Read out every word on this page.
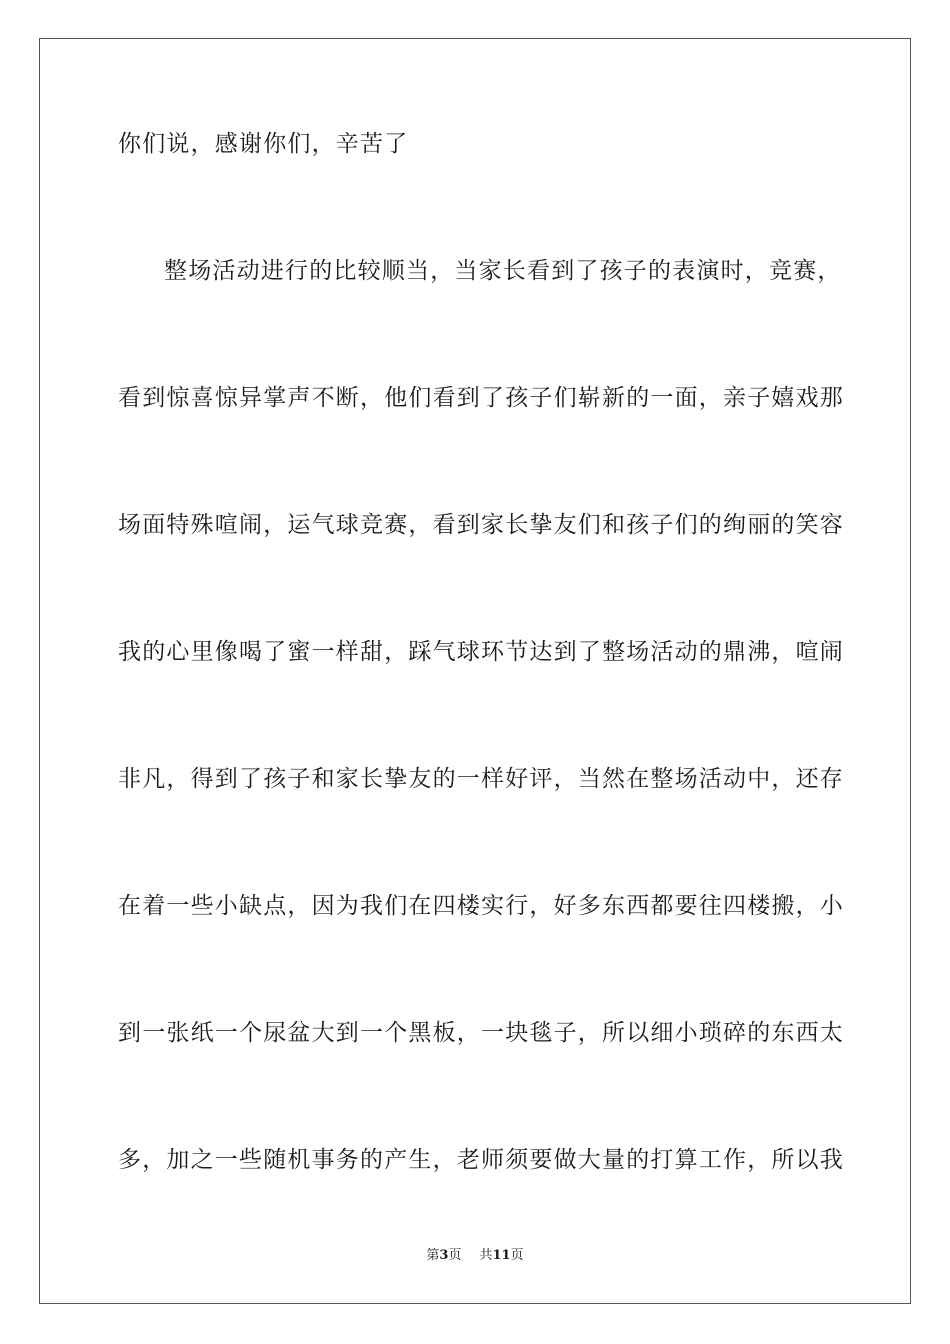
你们说，感谢你们，辛苦了
整场活动进行的比较顺当，当家长看到了孩子的表演时，竞赛，
看到惊喜惊异掌声不断，他们看到了孩子们崭新的一面，亲子嬉戏那
场面特殊喧闹，运气球竞赛，看到家长挚友们和孩子们的绚丽的笑容
我的心里像喝了蜜一样甜，踩气球环节达到了整场活动的鼎沸，喧闹
非凡，得到了孩子和家长挚友的一样好评，当然在整场活动中，还存
在着一些小缺点，因为我们在四楼实行，好多东西都要往四楼搬，小
到一张纸一个尿盆大到一个黑板，一块毯子，所以细小琐碎的东西太
多，加之一些随机事务的产生，老师须要做大量的打算工作，所以我
第3页 共11页
